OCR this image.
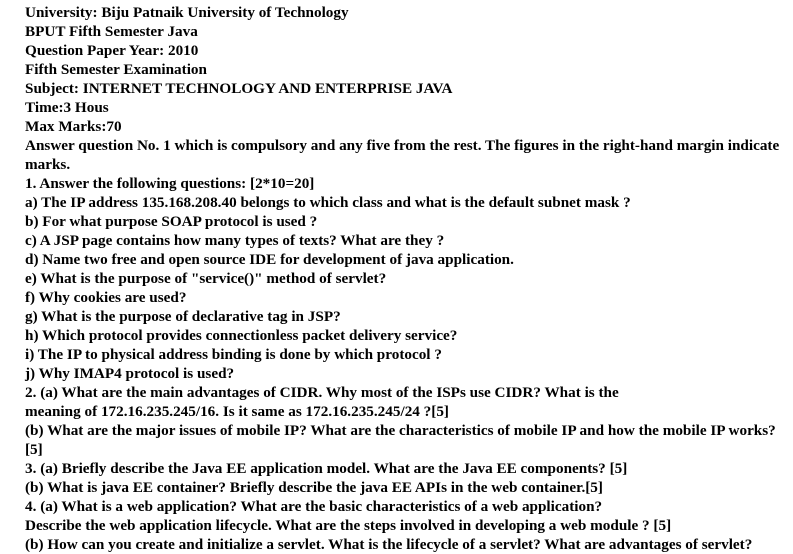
University: Biju Patnaik University of Technology
BPUT Fifth Semester Java
Question Paper Year: 2010
Fifth Semester Examination
Subject: INTERNET TECHNOLOGY AND ENTERPRISE JAVA
Time:3 Hous
Max Marks:70
Answer question No. 1 which is compulsory and any five from the rest. The figures in the right-hand margin indicate marks.
1. Answer the following questions: [2*10=20]
a) The IP address 135.168.208.40 belongs to which class and what is the default subnet mask ?
b) For what purpose SOAP protocol is used ?
c) A JSP page contains how many types of texts? What are they ?
d) Name two free and open source IDE for development of java application.
e) What is the purpose of "service()" method of servlet?
f) Why cookies are used?
g) What is the purpose of declarative tag in JSP?
h) Which protocol provides connectionless packet delivery service?
i) The IP to physical address binding is done by which protocol ?
j) Why IMAP4 protocol is used?
2. (a) What are the main advantages of CIDR. Why most of the ISPs use CIDR? What is the
meaning of 172.16.235.245/16. Is it same as 172.16.235.245/24 ?[5]
(b) What are the major issues of mobile IP? What are the characteristics of mobile IP and how the mobile IP works? [5]
3. (a) Briefly describe the Java EE application model. What are the Java EE components? [5]
(b) What is java EE container? Briefly describe the java EE APIs in the web container.[5]
4. (a) What is a web application? What are the basic characteristics of a web application?
Describe the web application lifecycle. What are the steps involved in developing a web module ? [5]
(b) How can you create and initialize a servlet. What is the lifecycle of a servlet? What are advantages of servlet?
